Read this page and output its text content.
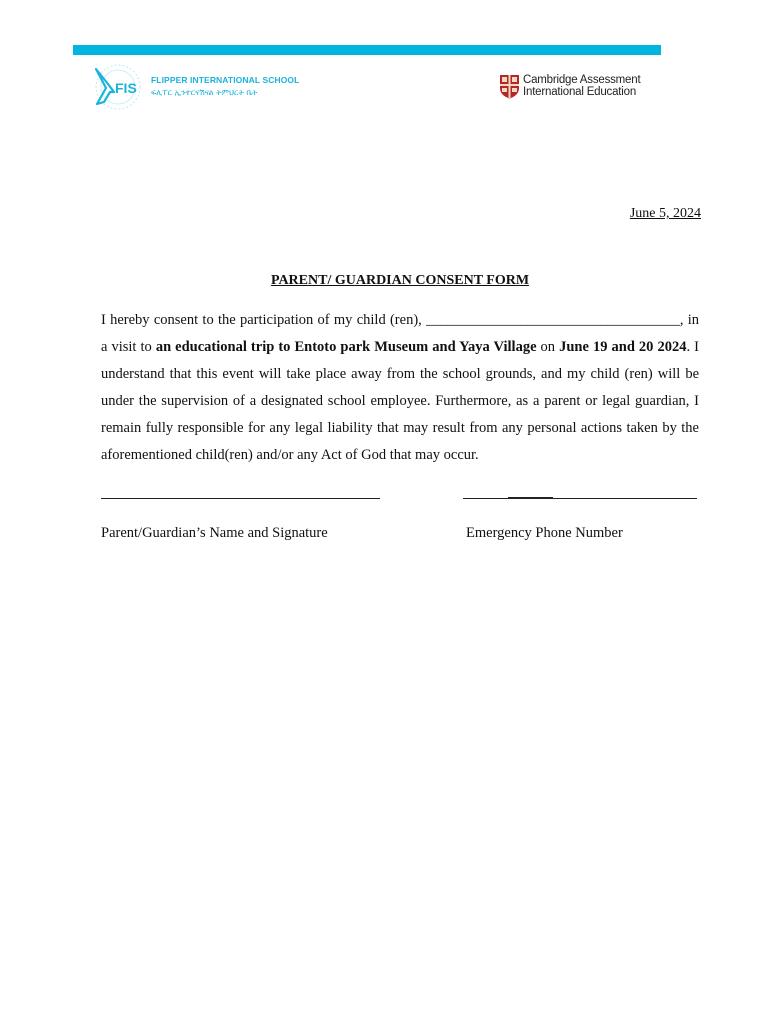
FIS FLIPPER INTERNATIONAL SCHOOL
ፍሊፐር ኢንተርናሽናል ትምህርት ቤት
Cambridge Assessment
International Education
June 5, 2024
PARENT/ GUARDIAN CONSENT FORM

I hereby consent to the participation of my child (ren), ___________________________________, in a visit to an educational trip to Entoto park Museum and Yaya Village on June 19 and 20 2024. I understand that this event will take place away from the school grounds, and my child (ren) will be under the supervision of a designated school employee. Furthermore, as a parent or legal guardian, I remain fully responsible for any legal liability that may result from any personal actions taken by the aforementioned child(ren) and/or any Act of God that may occur.

Parent/Guardian’s Name and Signature	Emergency Phone Number
